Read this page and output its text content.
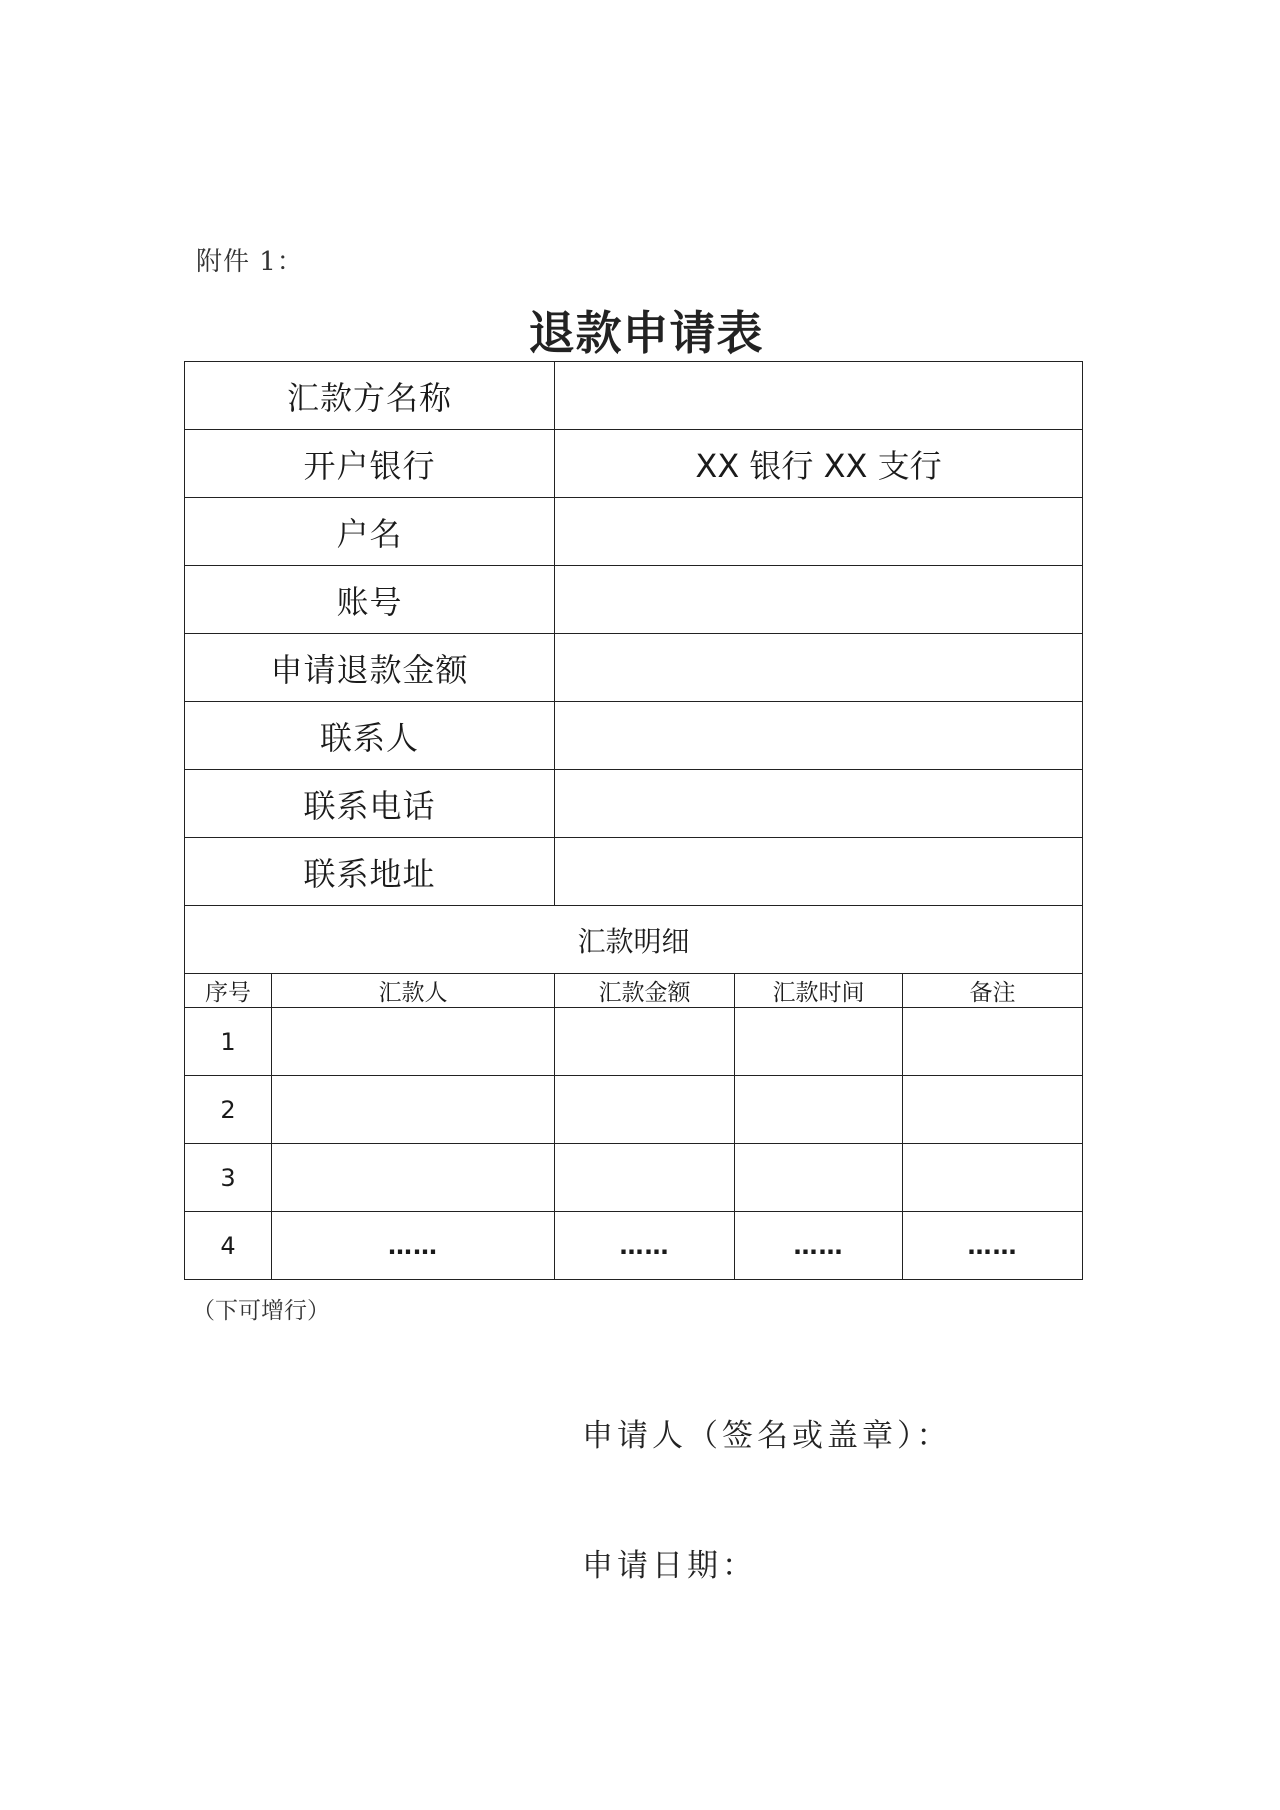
附件 1：
退款申请表
汇款方名称				
开户银行		XX 银行 XX 支行		
户名				
账号				
申请退款金额				
联系人				
联系电话				
联系地址				
汇款明细				
序号	汇款人	汇款金额	汇款时间	备注
1				
2				
3				
4	……	……	……	……
（下可增行）
申请人（签名或盖章）：
申请日期：
